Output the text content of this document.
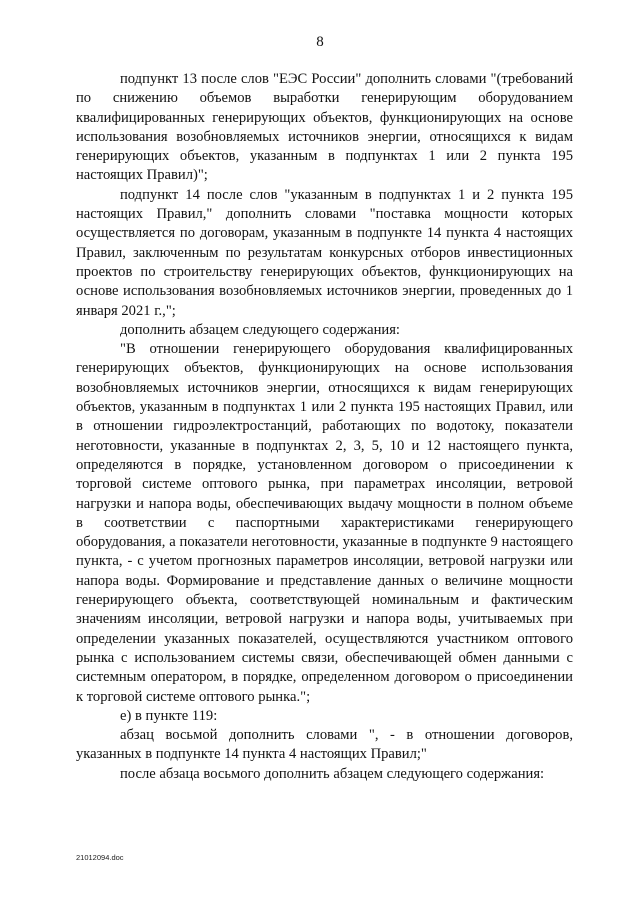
8

подпункт 13 после слов "ЕЭС России" дополнить словами "(требований по снижению объемов выработки генерирующим оборудованием квалифицированных генерирующих объектов, функционирующих на основе использования возобновляемых источников энергии, относящихся к видам генерирующих объектов, указанным в подпунктах 1 или 2 пункта 195 настоящих Правил)";

подпункт 14 после слов "указанным в подпунктах 1 и 2 пункта 195 настоящих Правил," дополнить словами "поставка мощности которых осуществляется по договорам, указанным в подпункте 14 пункта 4 настоящих Правил, заключенным по результатам конкурсных отборов инвестиционных проектов по строительству генерирующих объектов, функционирующих на основе использования возобновляемых источников энергии, проведенных до 1 января 2021 г.,";

дополнить абзацем следующего содержания:

"В отношении генерирующего оборудования квалифицированных генерирующих объектов, функционирующих на основе использования возобновляемых источников энергии, относящихся к видам генерирующих объектов, указанным в подпунктах 1 или 2 пункта 195 настоящих Правил, или в отношении гидроэлектростанций, работающих по водотоку, показатели неготовности, указанные в подпунктах 2, 3, 5, 10 и 12 настоящего пункта, определяются в порядке, установленном договором о присоединении к торговой системе оптового рынка, при параметрах инсоляции, ветровой нагрузки и напора воды, обеспечивающих выдачу мощности в полном объеме в соответствии с паспортными характеристиками генерирующего оборудования, а показатели неготовности, указанные в подпункте 9 настоящего пункта, - с учетом прогнозных параметров инсоляции, ветровой нагрузки или напора воды. Формирование и представление данных о величине мощности генерирующего объекта, соответствующей номинальным и фактическим значениям инсоляции, ветровой нагрузки и напора воды, учитываемых при определении указанных показателей, осуществляются участником оптового рынка с использованием системы связи, обеспечивающей обмен данными с системным оператором, в порядке, определенном договором о присоединении к торговой системе оптового рынка.";

е) в пункте 119:

абзац восьмой дополнить словами ", - в отношении договоров, указанных в подпункте 14 пункта 4 настоящих Правил;"

после абзаца восьмого дополнить абзацем следующего содержания:

21012094.doc
